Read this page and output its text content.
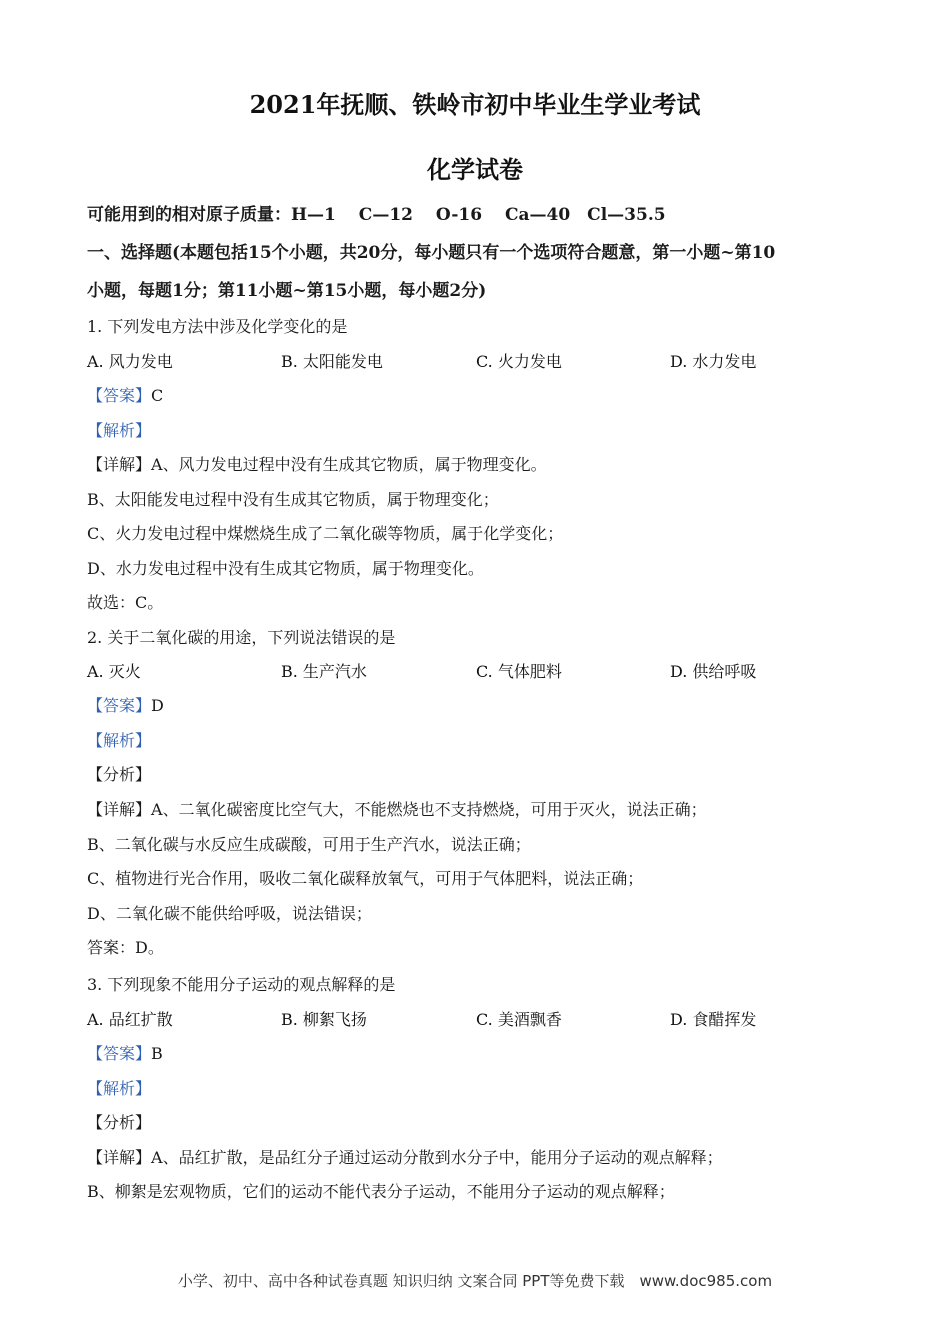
2021年抚顺、铁岭市初中毕业生学业考试
化学试卷
可能用到的相对原子质量：H—1　 C—12　 O-16　 Ca—40　Cl—35.5
一、选择题(本题包括15个小题，共20分，每小题只有一个选项符合题意，第一小题~第10
小题，每题1分；第11小题~第15小题，每小题2分)
1. 下列发电方法中涉及化学变化的是
A. 风力发电	B. 太阳能发电	C. 火力发电	D. 水力发电
【答案】C
【解析】
【详解】A、风力发电过程中没有生成其它物质，属于物理变化。
B、太阳能发电过程中没有生成其它物质，属于物理变化；
C、火力发电过程中煤燃烧生成了二氧化碳等物质，属于化学变化；
D、水力发电过程中没有生成其它物质，属于物理变化。
故选：C。
2. 关于二氧化碳的用途，下列说法错误的是
A. 灭火	B. 生产汽水	C. 气体肥料	D. 供给呼吸
【答案】D
【解析】
【分析】
【详解】A、二氧化碳密度比空气大，不能燃烧也不支持燃烧，可用于灭火，说法正确；
B、二氧化碳与水反应生成碳酸，可用于生产汽水，说法正确；
C、植物进行光合作用，吸收二氧化碳释放氧气，可用于气体肥料，说法正确；
D、二氧化碳不能供给呼吸，说法错误；
答案：D。
3. 下列现象不能用分子运动的观点解释的是
A. 品红扩散	B. 柳絮飞扬	C. 美酒飘香	D. 食醋挥发
【答案】B
【解析】
【分析】
【详解】A、品红扩散，是品红分子通过运动分散到水分子中，能用分子运动的观点解释；
B、柳絮是宏观物质，它们的运动不能代表分子运动，不能用分子运动的观点解释；
小学、初中、高中各种试卷真题 知识归纳 文案合同 PPT等免费下载　www.doc985.com
